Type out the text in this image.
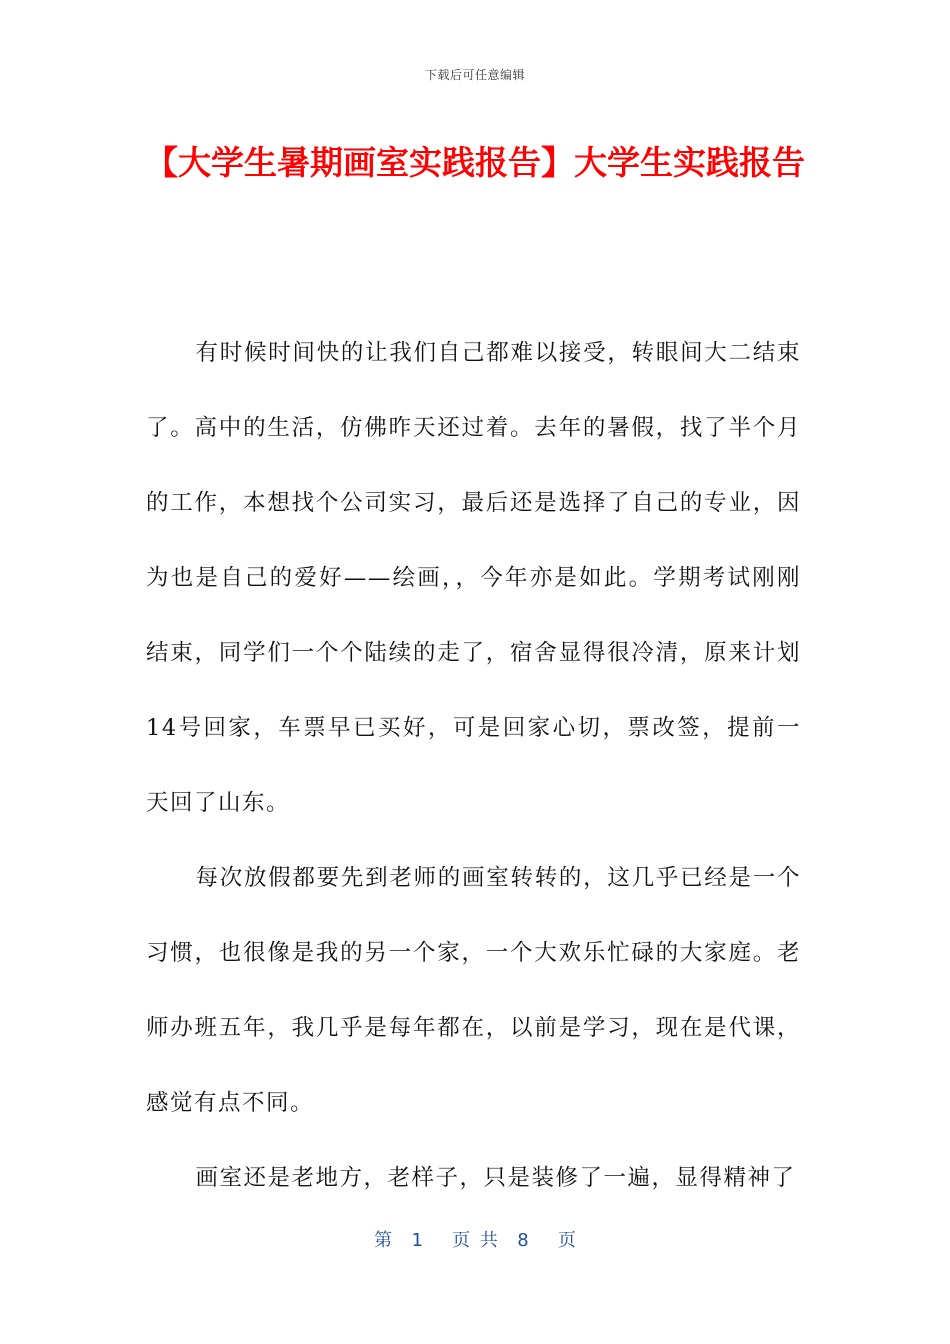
下载后可任意编辑
【大学生暑期画室实践报告】大学生实践报告

有时候时间快的让我们自己都难以接受，转眼间大二结束了。高中的生活，仿佛昨天还过着。去年的暑假，找了半个月的工作，本想找个公司实习，最后还是选择了自己的专业，因为也是自己的爱好——绘画，，今年亦是如此。学期考试刚刚结束，同学们一个个陆续的走了，宿舍显得很冷清，原来计划14号回家，车票早已买好，可是回家心切，票改签，提前一天回了山东。

每次放假都要先到老师的画室转转的，这几乎已经是一个习惯，也很像是我的另一个家，一个大欢乐忙碌的大家庭。老师办班五年，我几乎是每年都在，以前是学习，现在是代课，感觉有点不同。

画室还是老地方，老样子，只是装修了一遍，显得精神了

第  1   页 共  8   页
